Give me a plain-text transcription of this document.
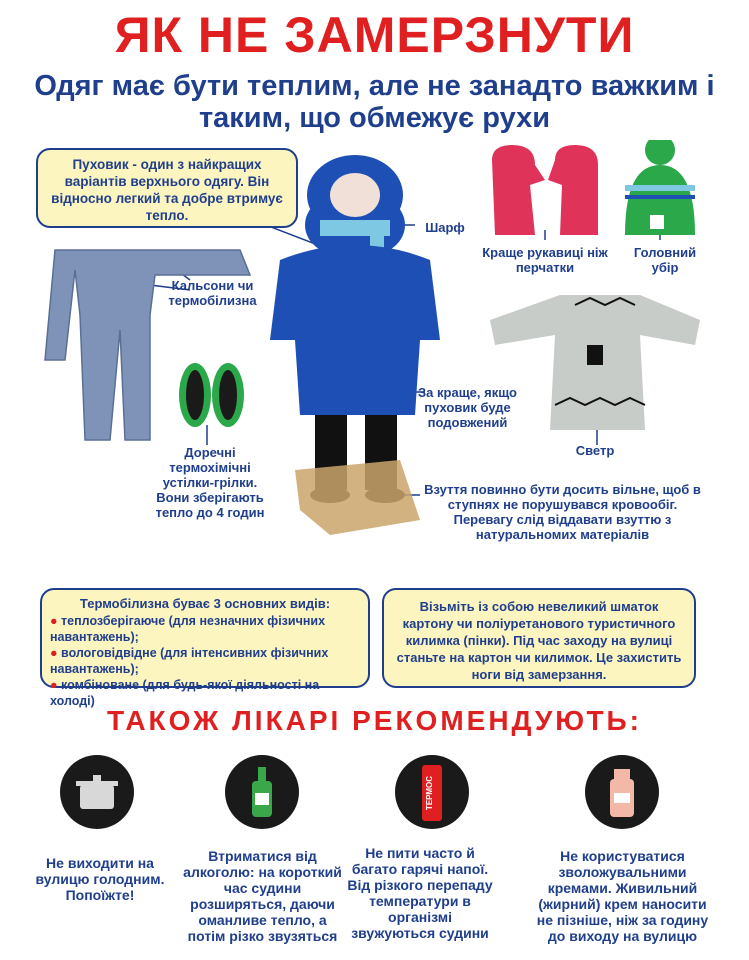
ЯК НЕ ЗАМЕРЗНУТИ
Одяг має бути теплим, але не занадто важким і таким, що обмежує рухи
Пуховик - один з найкращих варіантів верхнього одягу. Він відносно легкий та добре втримує тепло.
Шарф
Краще рукавиці ніж перчатки
Головний убір
Кальсони чи термобілизна
Доречні термохімічні устілки-грілки. Вони зберігають тепло до 4 годин
За краще, якщо пуховик буде подовжений
Светр
Взуття повинно бути досить вільне, щоб в ступнях не порушувався кровообіг. Перевагу слід віддавати взуттю з натуральномих матеріалів
Термобілизна буває 3 основних видів:
● теплозберігаюче (для незначних фізичних навантажень);
● вологовідвідне (для інтенсивних фізичних навантажень);
● комбіноване (для будь-якої діяльності на холоді)
Візьміть із собою невеликий шматок картону чи поліуретанового туристичного килимка (пінки). Під час заходу на вулиці станьте на картон чи килимок. Це захистить ноги від замерзання.
ТАКОЖ ЛІКАРІ РЕКОМЕНДУЮТЬ:
ТЕРМОС
Не виходити на вулицю голодним. Попоїжте!
Втриматися від алкоголю: на короткий час судини розширяться, даючи оманливе тепло, а потім різко звузяться
Не пити часто й багато гарячі напої. Від різкого перепаду температури в організмі звужуються судини
Не користуватися зволожувальними кремами. Живильний (жирний) крем наносити не пізніше, ніж за годину до виходу на вулицю
